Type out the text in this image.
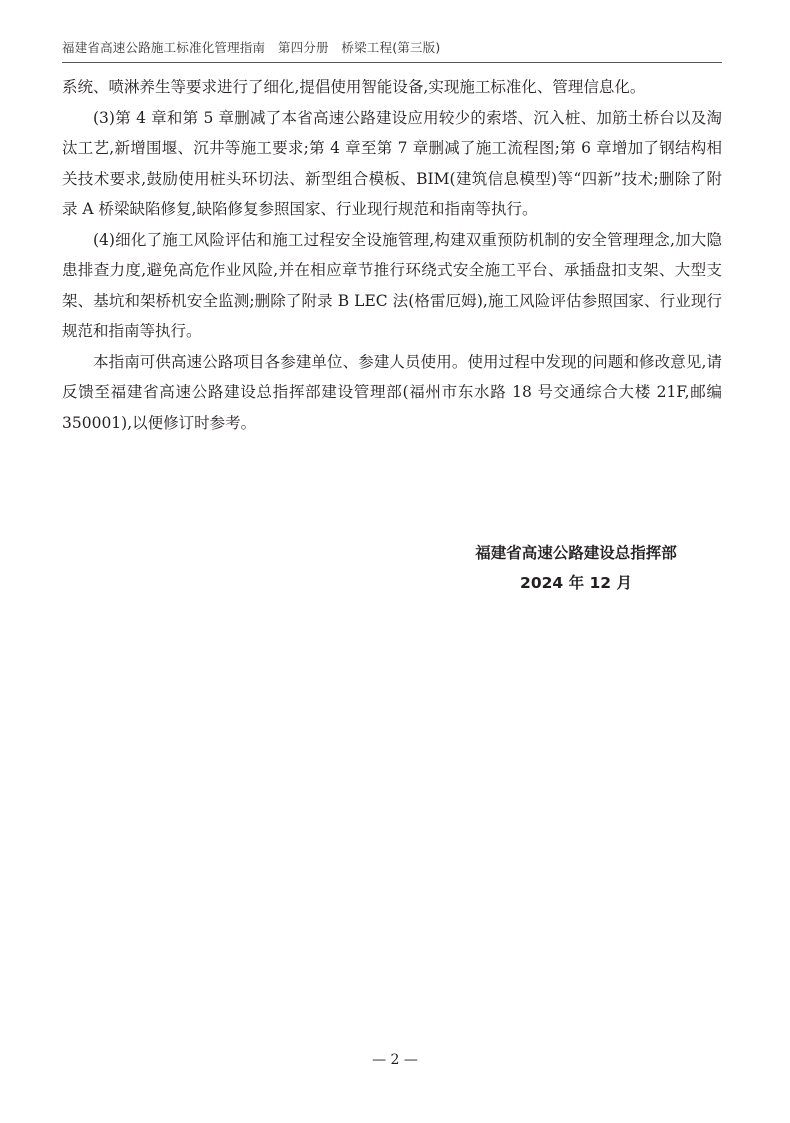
福建省高速公路施工标准化管理指南　第四分册　桥梁工程(第三版)

系统、喷淋养生等要求进行了细化,提倡使用智能设备,实现施工标准化、管理信息化。

(3)第 4 章和第 5 章删减了本省高速公路建设应用较少的索塔、沉入桩、加筋土桥台以及淘汰工艺,新增围堰、沉井等施工要求;第 4 章至第 7 章删减了施工流程图;第 6 章增加了钢结构相关技术要求,鼓励使用桩头环切法、新型组合模板、BIM(建筑信息模型)等“四新”技术;删除了附录 A 桥梁缺陷修复,缺陷修复参照国家、行业现行规范和指南等执行。

(4)细化了施工风险评估和施工过程安全设施管理,构建双重预防机制的安全管理理念,加大隐患排查力度,避免高危作业风险,并在相应章节推行环绕式安全施工平台、承插盘扣支架、大型支架、基坑和架桥机安全监测;删除了附录 B LEC 法(格雷厄姆),施工风险评估参照国家、行业现行规范和指南等执行。

本指南可供高速公路项目各参建单位、参建人员使用。使用过程中发现的问题和修改意见,请反馈至福建省高速公路建设总指挥部建设管理部(福州市东水路 18 号交通综合大楼 21F,邮编 350001),以便修订时参考。

福建省高速公路建设总指挥部
2024 年 12 月
— 2 —
